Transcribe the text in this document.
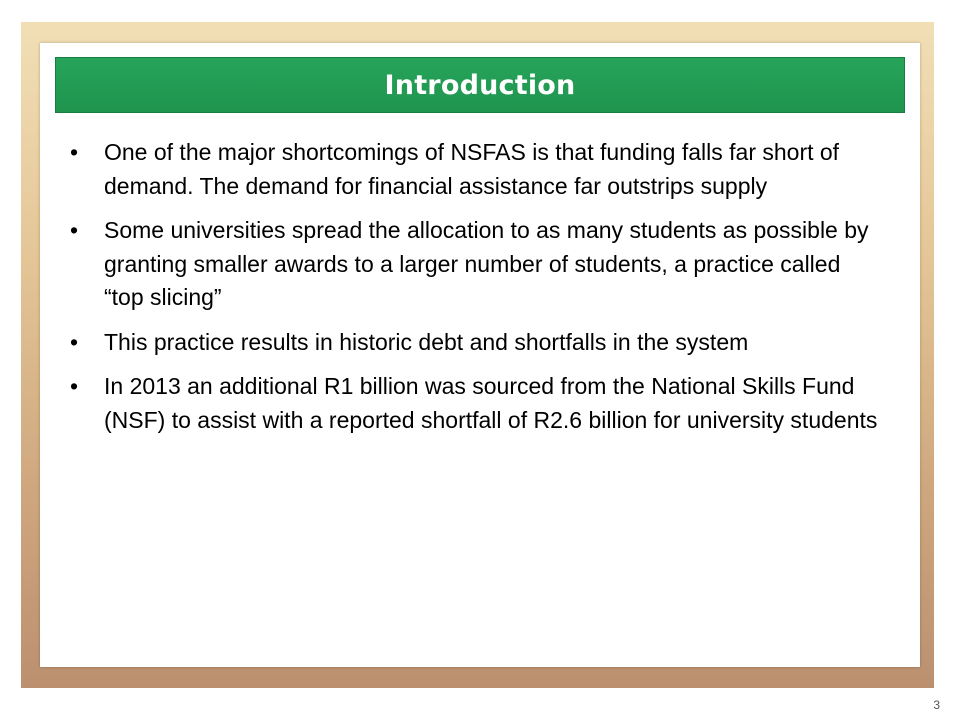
Introduction
• One of the major shortcomings of NSFAS is that funding falls far short of demand. The demand for financial assistance far outstrips supply
• Some universities spread the allocation to as many students as possible by granting smaller awards to a larger number of students, a practice called “top slicing”
• This practice results in historic debt and shortfalls in the system
• In 2013 an additional R1 billion was sourced from the National Skills Fund (NSF) to assist with a reported shortfall of R2.6 billion for university students
3
